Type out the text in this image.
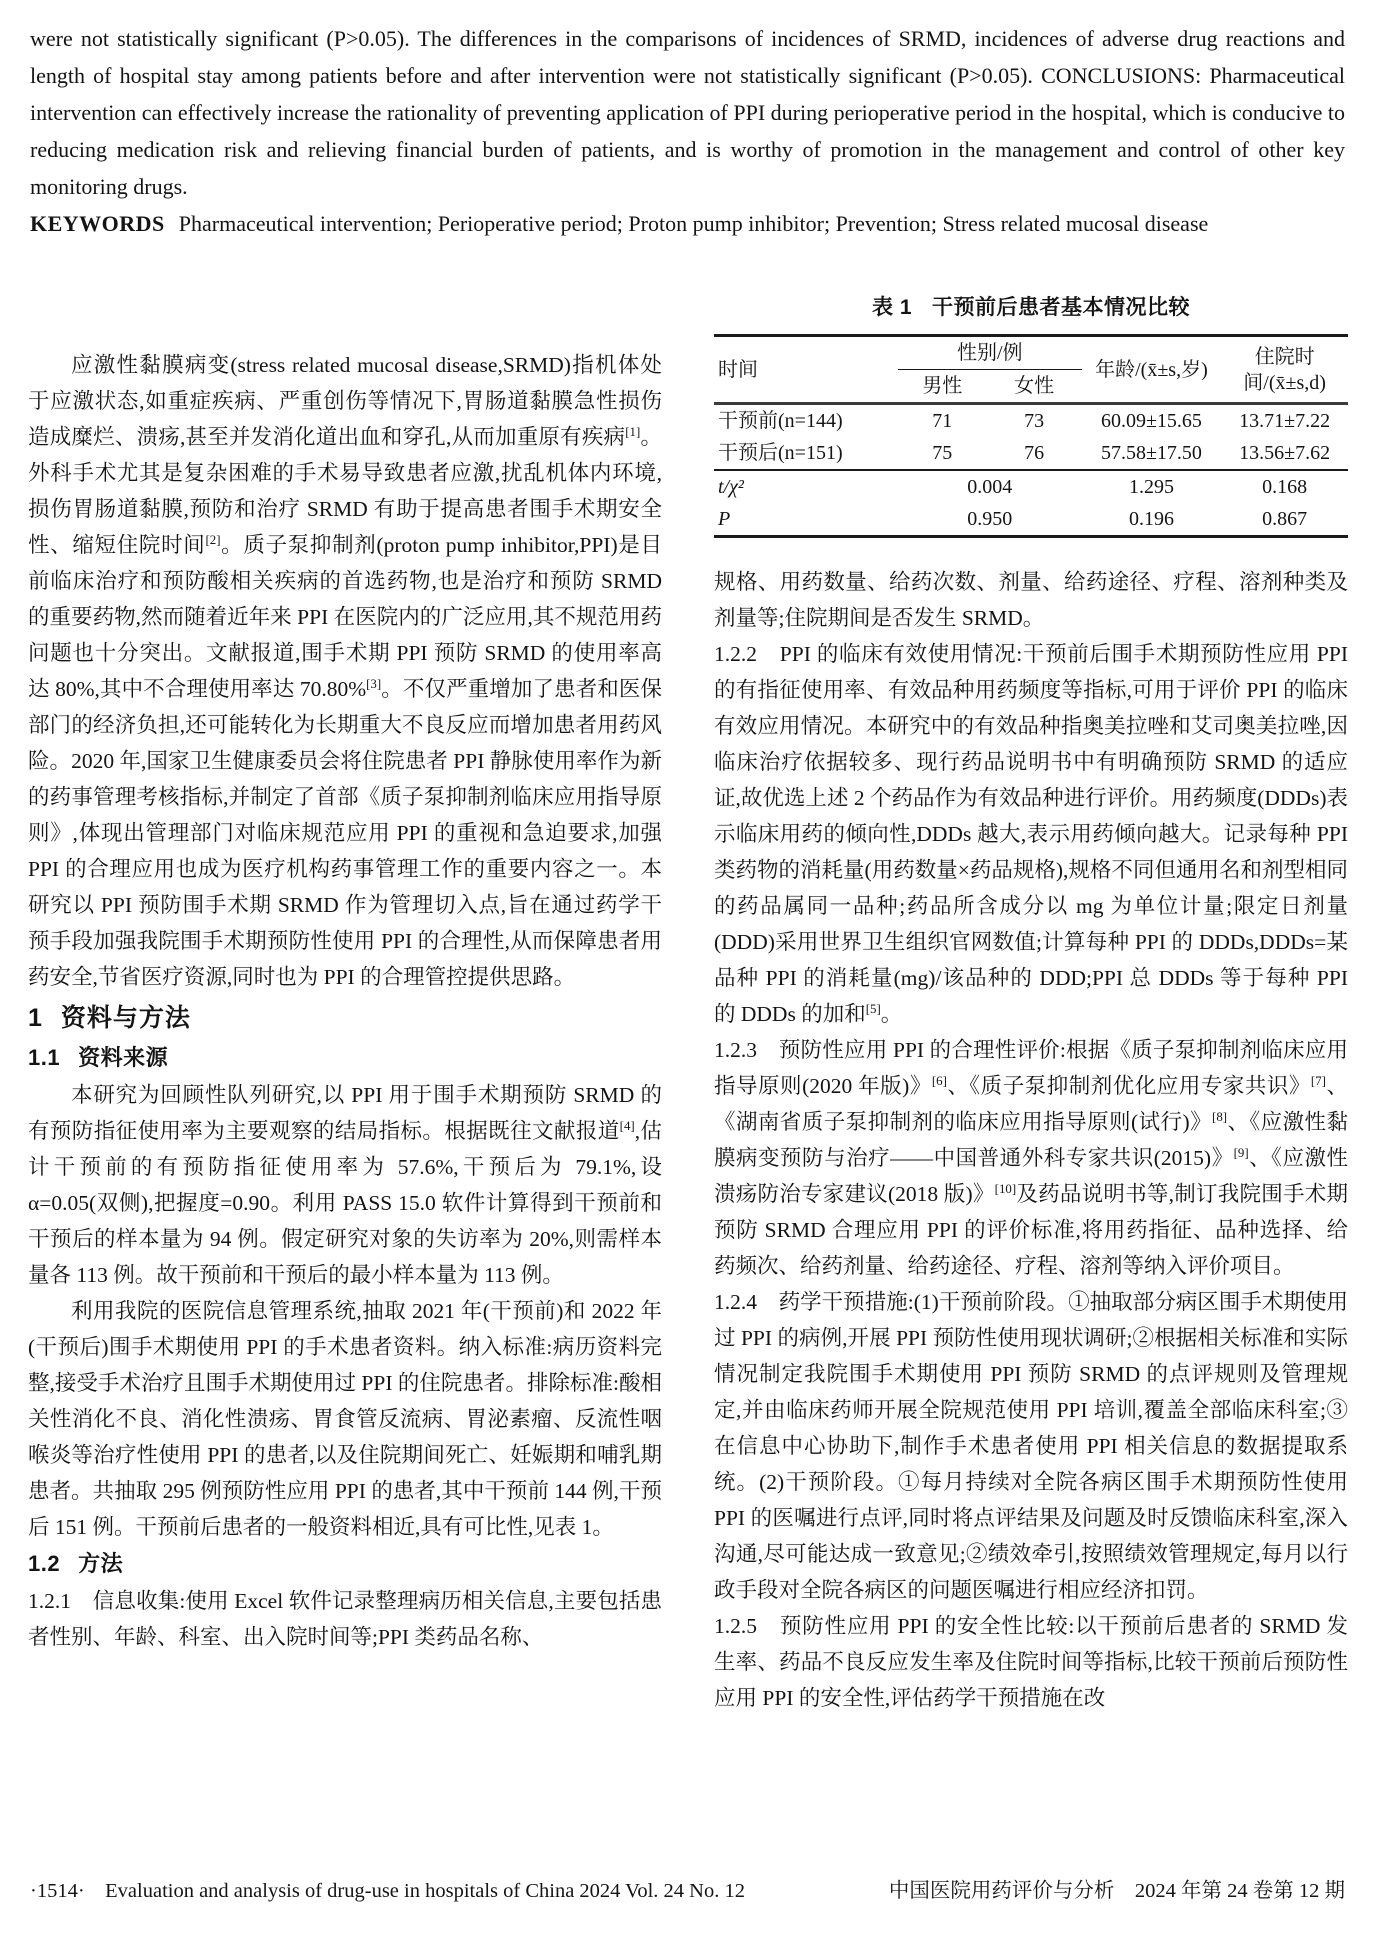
were not statistically significant (P>0.05). The differences in the comparisons of incidences of SRMD, incidences of adverse drug reactions and length of hospital stay among patients before and after intervention were not statistically significant (P>0.05). CONCLUSIONS: Pharmaceutical intervention can effectively increase the rationality of preventing application of PPI during perioperative period in the hospital, which is conducive to reducing medication risk and relieving financial burden of patients, and is worthy of promotion in the management and control of other key monitoring drugs.

KEYWORDS Pharmaceutical intervention; Perioperative period; Proton pump inhibitor; Prevention; Stress related mucosal disease

应激性黏膜病变(stress related mucosal disease,SRMD)指机体处于应激状态,如重症疾病、严重创伤等情况下,胃肠道黏膜急性损伤造成糜烂、溃疡,甚至并发消化道出血和穿孔,从而加重原有疾病[1]。外科手术尤其是复杂困难的手术易导致患者应激,扰乱机体内环境,损伤胃肠道黏膜,预防和治疗 SRMD 有助于提高患者围手术期安全性、缩短住院时间[2]。质子泵抑制剂(proton pump inhibitor,PPI)是目前临床治疗和预防酸相关疾病的首选药物,也是治疗和预防 SRMD 的重要药物,然而随着近年来 PPI 在医院内的广泛应用,其不规范用药问题也十分突出。文献报道,围手术期 PPI 预防 SRMD 的使用率高达 80%,其中不合理使用率达 70.80%[3]。不仅严重增加了患者和医保部门的经济负担,还可能转化为长期重大不良反应而增加患者用药风险。2020 年,国家卫生健康委员会将住院患者 PPI 静脉使用率作为新的药事管理考核指标,并制定了首部《质子泵抑制剂临床应用指导原则》,体现出管理部门对临床规范应用 PPI 的重视和急迫要求,加强 PPI 的合理应用也成为医疗机构药事管理工作的重要内容之一。本研究以 PPI 预防围手术期 SRMD 作为管理切入点,旨在通过药学干预手段加强我院围手术期预防性使用 PPI 的合理性,从而保障患者用药安全,节省医疗资源,同时也为 PPI 的合理管控提供思路。

1 资料与方法
1.1 资料来源

本研究为回顾性队列研究,以 PPI 用于围手术期预防 SRMD 的有预防指征使用率为主要观察的结局指标。根据既往文献报道[4],估计干预前的有预防指征使用率为 57.6%,干预后为 79.1%,设 α=0.05(双侧),把握度=0.90。利用 PASS 15.0 软件计算得到干预前和干预后的样本量为 94 例。假定研究对象的失访率为 20%,则需样本量各 113 例。故干预前和干预后的最小样本量为 113 例。

利用我院的医院信息管理系统,抽取 2021 年(干预前)和 2022 年(干预后)围手术期使用 PPI 的手术患者资料。纳入标准:病历资料完整,接受手术治疗且围手术期使用过 PPI 的住院患者。排除标准:酸相关性消化不良、消化性溃疡、胃食管反流病、胃泌素瘤、反流性咽喉炎等治疗性使用 PPI 的患者,以及住院期间死亡、妊娠期和哺乳期患者。共抽取 295 例预防性应用 PPI 的患者,其中干预前 144 例,干预后 151 例。干预前后患者的一般资料相近,具有可比性,见表 1。

1.2 方法

1.2.1　信息收集:使用 Excel 软件记录整理病历相关信息,主要包括患者性别、年龄、科室、出入院时间等;PPI 类药品名称、

表 1 干预前后患者基本情况比较
时间	性别/例		年龄/(x̄±s,岁)	住院时间/(x̄±s,d)
	男性	女性		
干预前(n=144)	71	73	60.09±15.65	13.71±7.22
干预后(n=151)	75	76	57.58±17.50	13.56±7.62
t/χ²	0.004		1.295	0.168
P	0.950		0.196	0.867

规格、用药数量、给药次数、剂量、给药途径、疗程、溶剂种类及剂量等;住院期间是否发生 SRMD。

1.2.2　PPI 的临床有效使用情况:干预前后围手术期预防性应用 PPI 的有指征使用率、有效品种用药频度等指标,可用于评价 PPI 的临床有效应用情况。本研究中的有效品种指奥美拉唑和艾司奥美拉唑,因临床治疗依据较多、现行药品说明书中有明确预防 SRMD 的适应证,故优选上述 2 个药品作为有效品种进行评价。用药频度(DDDs)表示临床用药的倾向性,DDDs 越大,表示用药倾向越大。记录每种 PPI 类药物的消耗量(用药数量×药品规格),规格不同但通用名和剂型相同的药品属同一品种;药品所含成分以 mg 为单位计量;限定日剂量(DDD)采用世界卫生组织官网数值;计算每种 PPI 的 DDDs,DDDs=某品种 PPI 的消耗量(mg)/该品种的 DDD;PPI 总 DDDs 等于每种 PPI 的 DDDs 的加和[5]。

1.2.3　预防性应用 PPI 的合理性评价:根据《质子泵抑制剂临床应用指导原则(2020 年版)》[6]、《质子泵抑制剂优化应用专家共识》[7]、《湖南省质子泵抑制剂的临床应用指导原则(试行)》[8]、《应激性黏膜病变预防与治疗——中国普通外科专家共识(2015)》[9]、《应激性溃疡防治专家建议(2018 版)》[10]及药品说明书等,制订我院围手术期预防 SRMD 合理应用 PPI 的评价标准,将用药指征、品种选择、给药频次、给药剂量、给药途径、疗程、溶剂等纳入评价项目。

1.2.4　药学干预措施:(1)干预前阶段。①抽取部分病区围手术期使用过 PPI 的病例,开展 PPI 预防性使用现状调研;②根据相关标准和实际情况制定我院围手术期使用 PPI 预防 SRMD 的点评规则及管理规定,并由临床药师开展全院规范使用 PPI 培训,覆盖全部临床科室;③在信息中心协助下,制作手术患者使用 PPI 相关信息的数据提取系统。(2)干预阶段。①每月持续对全院各病区围手术期预防性使用 PPI 的医嘱进行点评,同时将点评结果及问题及时反馈临床科室,深入沟通,尽可能达成一致意见;②绩效牵引,按照绩效管理规定,每月以行政手段对全院各病区的问题医嘱进行相应经济扣罚。

1.2.5　预防性应用 PPI 的安全性比较:以干预前后患者的 SRMD 发生率、药品不良反应发生率及住院时间等指标,比较干预前后预防性应用 PPI 的安全性,评估药学干预措施在改

·1514·　Evaluation and analysis of drug-use in hospitals of China 2024 Vol. 24 No. 12	中国医院用药评价与分析　2024 年第 24 卷第 12 期
